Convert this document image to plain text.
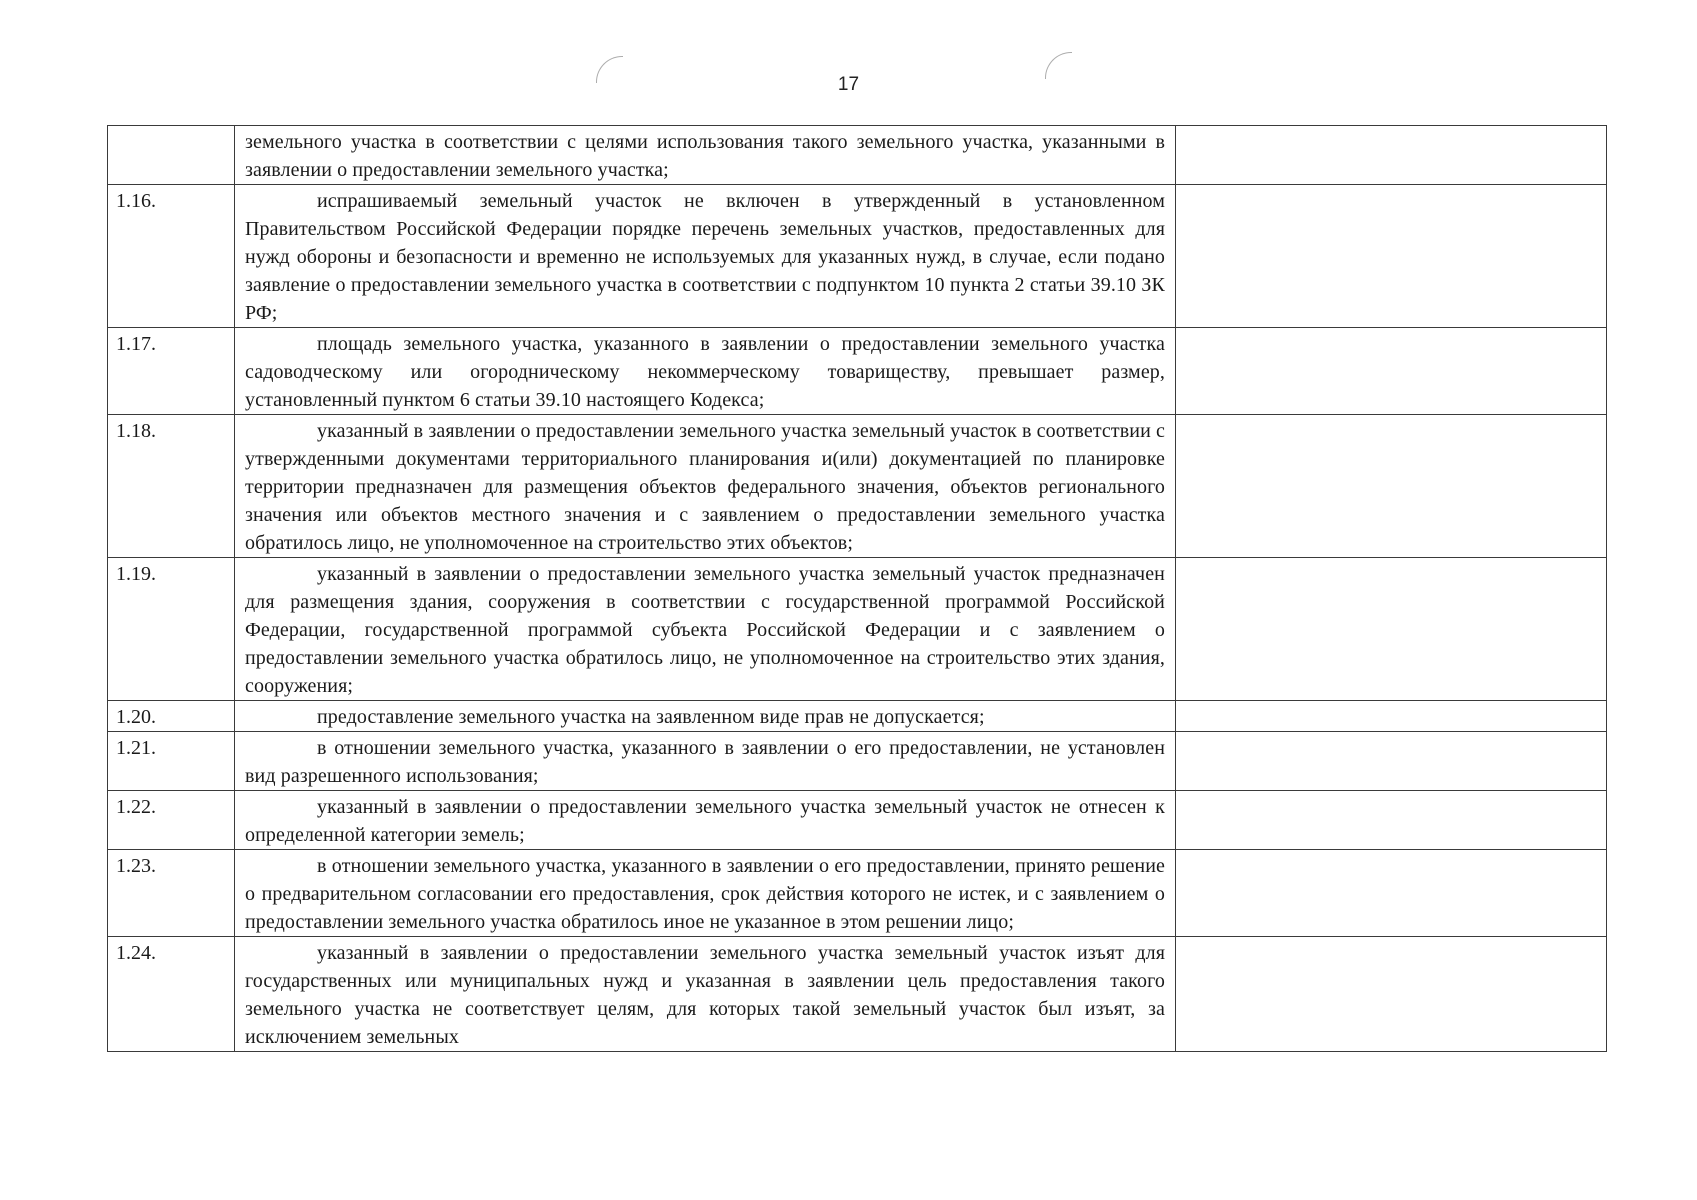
17

	земельного участка в соответствии с целями использования такого земельного участка, указанными в заявлении о предоставлении земельного участка;	

1.16.	испрашиваемый земельный участок не включен в утвержденный в установленном Правительством Российской Федерации порядке перечень земельных участков, предоставленных для нужд обороны и безопасности и временно не используемых для указанных нужд, в случае, если подано заявление о предоставлении земельного участка в соответствии с подпунктом 10 пункта 2 статьи 39.10 ЗК РФ;	

1.17.	площадь земельного участка, указанного в заявлении о предоставлении земельного участка садоводческому или огородническому некоммерческому товариществу, превышает размер, установленный пунктом 6 статьи 39.10 настоящего Кодекса;	

1.18.	указанный в заявлении о предоставлении земельного участка земельный участок в соответствии с утвержденными документами территориального планирования и(или) документацией по планировке территории предназначен для размещения объектов федерального значения, объектов регионального значения или объектов местного значения и с заявлением о предоставлении земельного участка обратилось лицо, не уполномоченное на строительство этих объектов;	

1.19.	указанный в заявлении о предоставлении земельного участка земельный участок предназначен для размещения здания, сооружения в соответствии с государственной программой Российской Федерации, государственной программой субъекта Российской Федерации и с заявлением о предоставлении земельного участка обратилось лицо, не уполномоченное на строительство этих здания, сооружения;	

1.20.	предоставление земельного участка на заявленном виде прав не допускается;	

1.21.	в отношении земельного участка, указанного в заявлении о его предоставлении, не установлен вид разрешенного использования;	

1.22.	указанный в заявлении о предоставлении земельного участка земельный участок не отнесен к определенной категории земель;	

1.23.	в отношении земельного участка, указанного в заявлении о его предоставлении, принято решение о предварительном согласовании его предоставления, срок действия которого не истек, и с заявлением о предоставлении земельного участка обратилось иное не указанное в этом решении лицо;	

1.24.	указанный в заявлении о предоставлении земельного участка земельный участок изъят для государственных или муниципальных нужд и указанная в заявлении цель предоставления такого земельного участка не соответствует целям, для которых такой земельный участок был изъят, за исключением земельных	
